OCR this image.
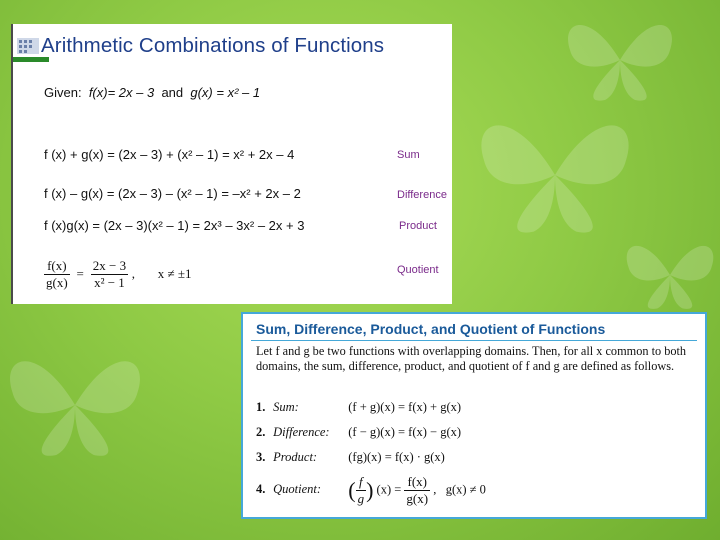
Arithmetic Combinations of Functions
Given: f(x)= 2x – 3 and g(x) = x² – 1
f (x) + g(x) = (2x – 3) + (x² – 1) = x² + 2x – 4	Sum
f (x) – g(x) = (2x – 3) – (x² – 1) = –x² + 2x – 2	Difference
f (x)g(x) = (2x – 3)(x² – 1) = 2x³ – 3x² – 2x + 3	Product
$\frac{f(x)}{g(x)} = \frac{2x - 3}{\text{x² − 1}}$ ,       x ≠ ±1	Quotient
Sum, Difference, Product, and Quotient of Functions
Let f and g be two functions with overlapping domains. Then, for all x common to both domains, the sum, difference, product, and quotient of f and g are defined as follows.
1. Sum:	(f + g)(x) = f(x) + g(x)
2. Difference: (f − g)(x) = f(x) − g(x)
3. Product: (fg)(x) = f(x) · g(x)
4. Quotient: ( $\frac{f}{g}$ ) $(x) = \frac{f(x)}{g(x)}$ ,   g(x) ≠ 0
